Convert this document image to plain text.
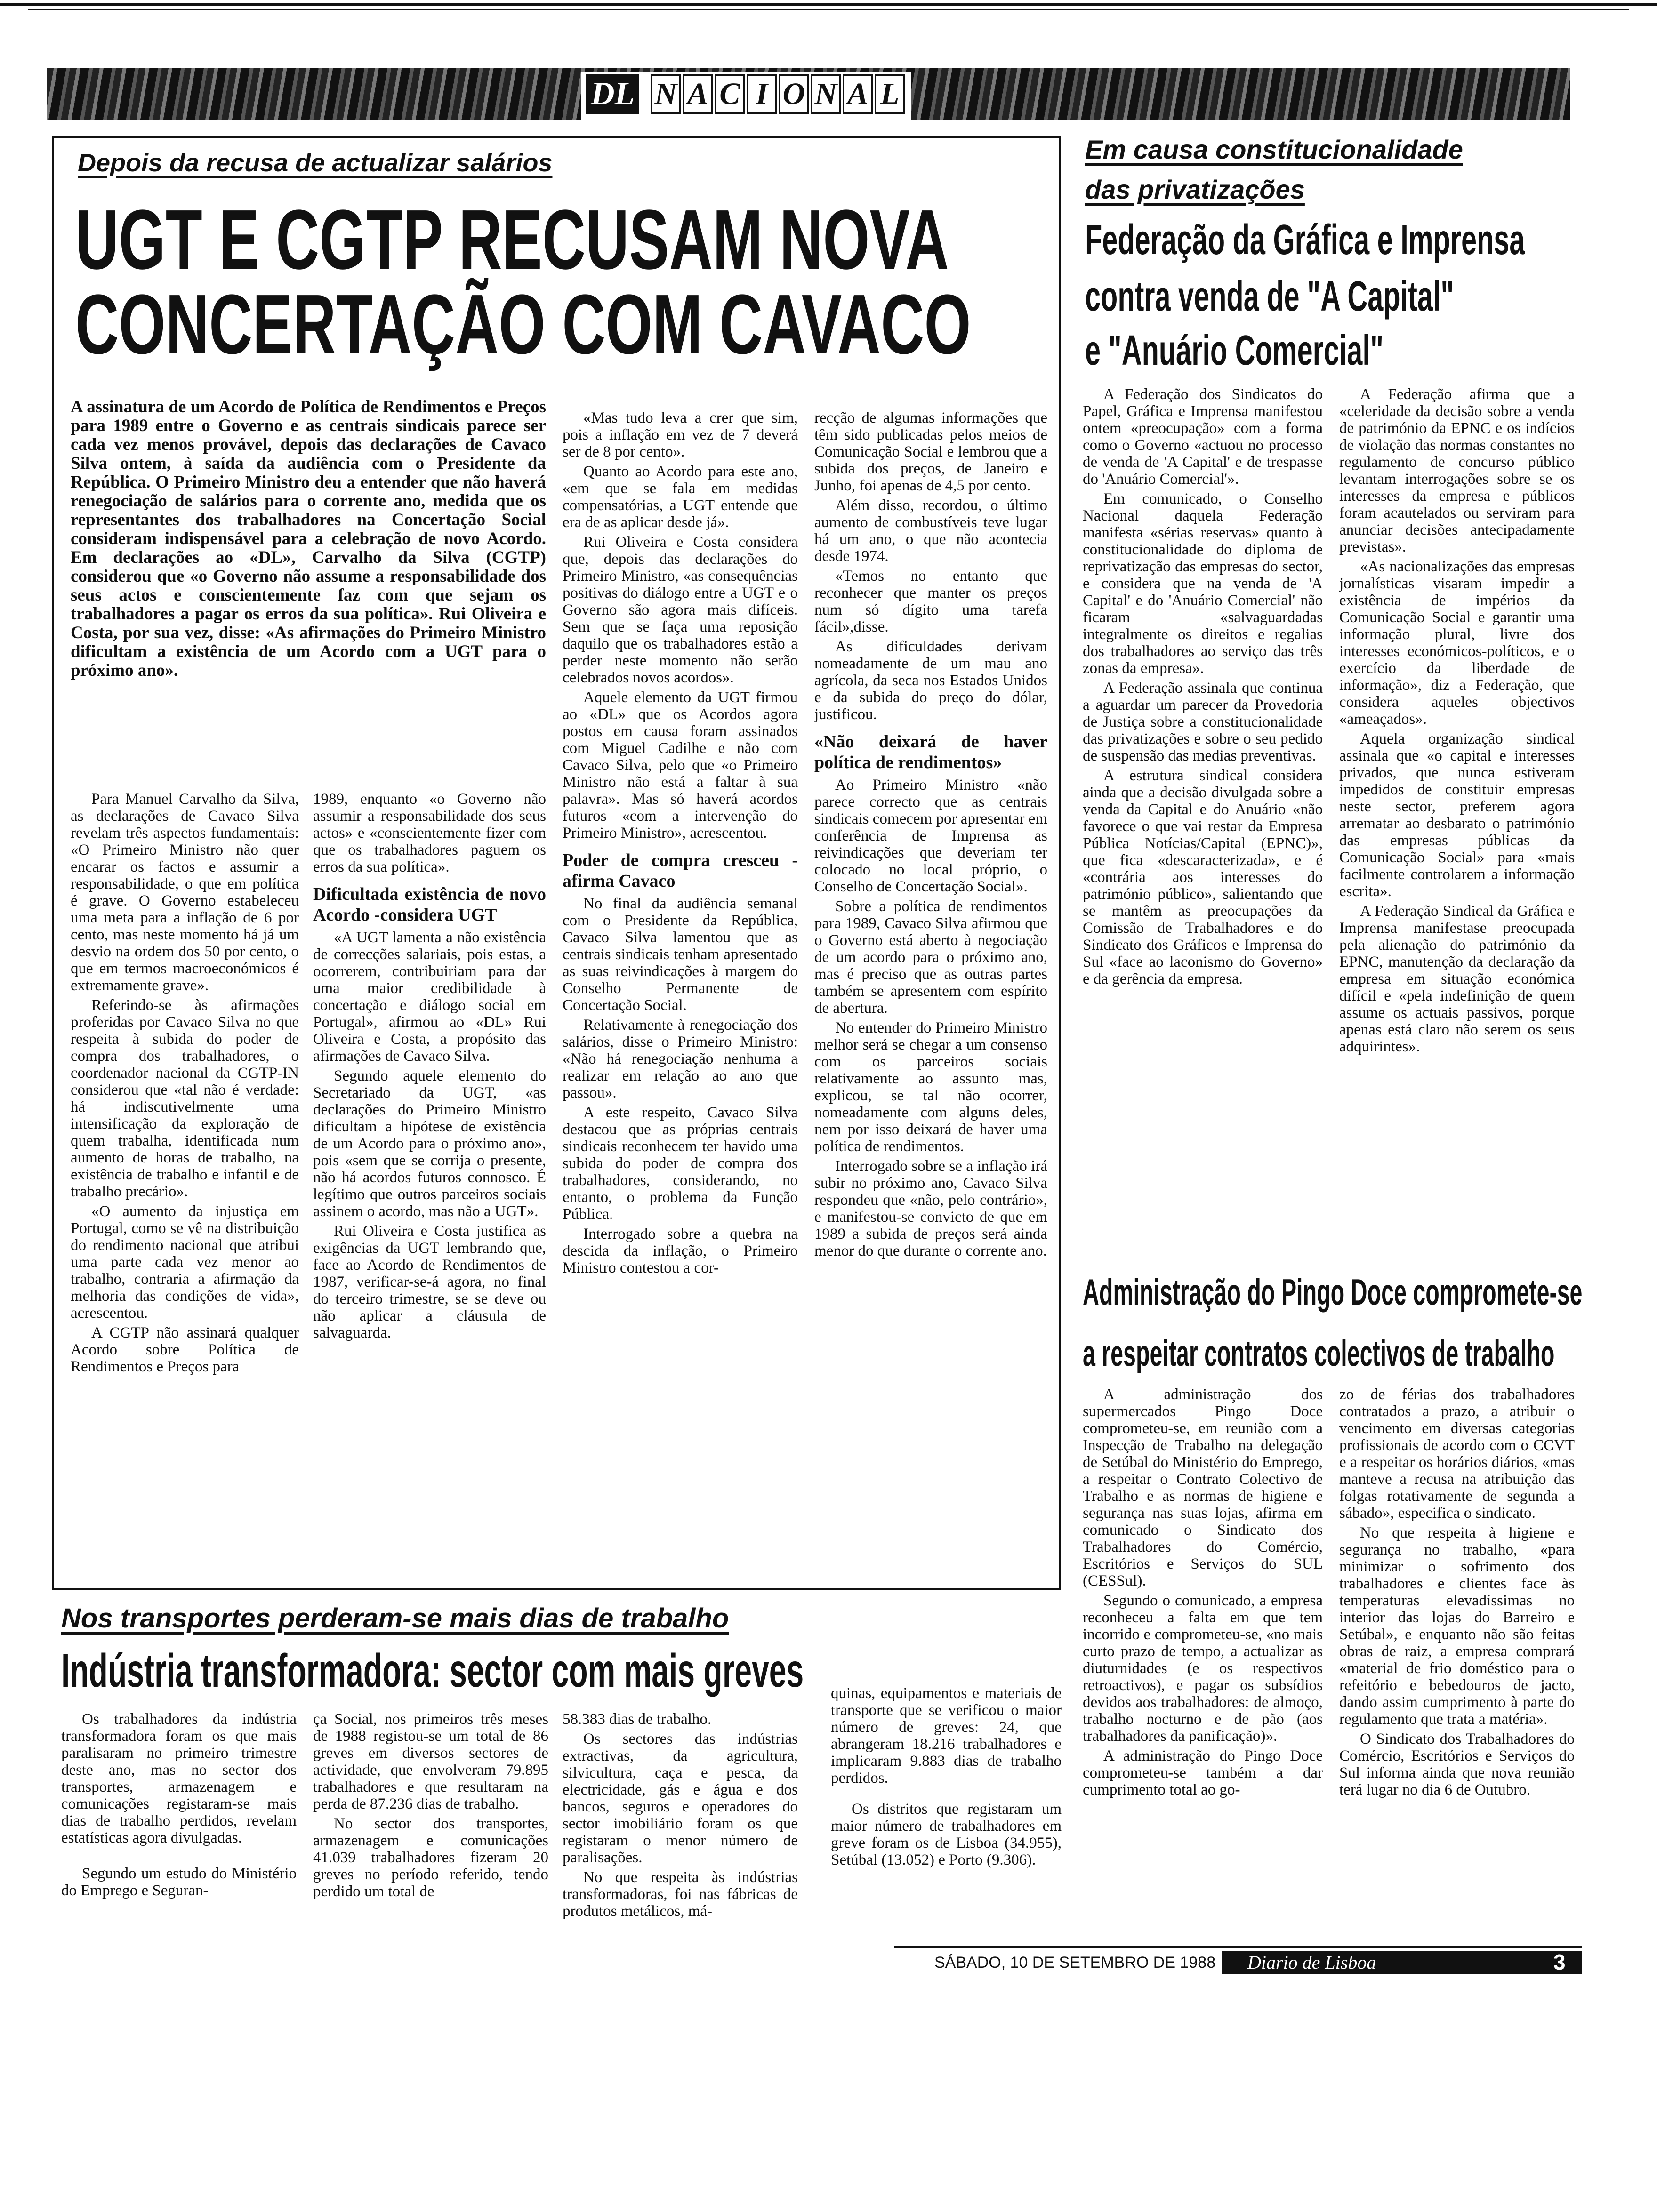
DL N A C I O N A L
Depois da recusa de actualizar salários
UGT E CGTP RECUSAM NOVA
CONCERTAÇÃO COM CAVACO
A assinatura de um Acordo de Política de Rendimentos e Preços para 1989 entre o Governo e as centrais sindicais parece ser cada vez menos provável, depois das declarações de Cavaco Silva ontem, à saída da audiência com o Presidente da República. O Primeiro Ministro deu a entender que não haverá renegociação de salários para o corrente ano, medida que os representantes dos trabalhadores na Concertação Social consideram indispensável para a celebração de novo Acordo. Em declarações ao «DL», Carvalho da Silva (CGTP) considerou que «o Governo não assume a responsabilidade dos seus actos e conscientemente faz com que sejam os trabalhadores a pagar os erros da sua política». Rui Oliveira e Costa, por sua vez, disse: «As afirmações do Primeiro Ministro dificultam a existência de um Acordo com a UGT para o próximo ano».

Para Manuel Carvalho da Silva, as declarações de Cavaco Silva revelam três aspectos fundamentais: «O Primeiro Ministro não quer encarar os factos e assumir a responsabilidade, o que em política é grave. O Governo estabeleceu uma meta para a inflação de 6 por cento, mas neste momento há já um desvio na ordem dos 50 por cento, o que em termos macroeconómicos é extremamente grave».

Referindo-se às afirmações proferidas por Cavaco Silva no que respeita à subida do poder de compra dos trabalhadores, o coordenador nacional da CGTP-IN considerou que «tal não é verdade: há indiscutivelmente uma intensificação da exploração de quem trabalha, identificada num aumento de horas de trabalho, na existência de trabalho e infantil e de trabalho precário».

«O aumento da injustiça em Portugal, como se vê na distribuição do rendimento nacional que atribui uma parte cada vez menor ao trabalho, contraria a afirmação da melhoria das condições de vida», acrescentou.

A CGTP não assinará qualquer Acordo sobre Política de Rendimentos e Preços para

1989, enquanto «o Governo não assumir a responsabilidade dos seus actos» e «conscientemente fizer com que os trabalhadores paguem os erros da sua política».

Dificultada existência de novo Acordo -considera UGT

«A UGT lamenta a não existência de correcções salariais, pois estas, a ocorrerem, contribuiriam para dar uma maior credibilidade à concertação e diálogo social em Portugal», afirmou ao «DL» Rui Oliveira e Costa, a propósito das afirmações de Cavaco Silva.

Segundo aquele elemento do Secretariado da UGT, «as declarações do Primeiro Ministro dificultam a hipótese de existência de um Acordo para o próximo ano», pois «sem que se corrija o presente, não há acordos futuros connosco. É legítimo que outros parceiros sociais assinem o acordo, mas não a UGT».

Rui Oliveira e Costa justifica as exigências da UGT lembrando que, face ao Acordo de Rendimentos de 1987, verificar-se-á agora, no final do terceiro trimestre, se se deve ou não aplicar a cláusula de salvaguarda.

«Mas tudo leva a crer que sim, pois a inflação em vez de 7 deverá ser de 8 por cento».

Quanto ao Acordo para este ano, «em que se fala em medidas compensatórias, a UGT entende que era de as aplicar desde já».

Rui Oliveira e Costa considera que, depois das declarações do Primeiro Ministro, «as consequências positivas do diálogo entre a UGT e o Governo são agora mais difíceis. Sem que se faça uma reposição daquilo que os trabalhadores estão a perder neste momento não serão celebrados novos acordos».

Aquele elemento da UGT firmou ao «DL» que os Acordos agora postos em causa foram assinados com Miguel Cadilhe e não com Cavaco Silva, pelo que «o Primeiro Ministro não está a faltar à sua palavra». Mas só haverá acordos futuros «com a intervenção do Primeiro Ministro», acrescentou.

Poder de compra cresceu - afirma Cavaco

No final da audiência semanal com o Presidente da República, Cavaco Silva lamentou que as centrais sindicais tenham apresentado as suas reivindicações à margem do Conselho Permanente de Concertação Social.

Relativamente à renegociação dos salários, disse o Primeiro Ministro: «Não há renegociação nenhuma a realizar em relação ao ano que passou».

A este respeito, Cavaco Silva destacou que as próprias centrais sindicais reconhecem ter havido uma subida do poder de compra dos trabalhadores, considerando, no entanto, o problema da Função Pública.

Interrogado sobre a quebra na descida da inflação, o Primeiro Ministro contestou a cor-

recção de algumas informações que têm sido publicadas pelos meios de Comunicação Social e lembrou que a subida dos preços, de Janeiro e Junho, foi apenas de 4,5 por cento.

Além disso, recordou, o último aumento de combustíveis teve lugar há um ano, o que não acontecia desde 1974.

«Temos no entanto que reconhecer que manter os preços num só dígito uma tarefa fácil»,disse.

As dificuldades derivam nomeadamente de um mau ano agrícola, da seca nos Estados Unidos e da subida do preço do dólar, justificou.

«Não deixará de haver política de rendimentos»

Ao Primeiro Ministro «não parece correcto que as centrais sindicais comecem por apresentar em conferência de Imprensa as reivindicações que deveriam ter colocado no local próprio, o Conselho de Concertação Social».

Sobre a política de rendimentos para 1989, Cavaco Silva afirmou que o Governo está aberto à negociação de um acordo para o próximo ano, mas é preciso que as outras partes também se apresentem com espírito de abertura.

No entender do Primeiro Ministro melhor será se chegar a um consenso com os parceiros sociais relativamente ao assunto mas, explicou, se tal não ocorrer, nomeadamente com alguns deles, nem por isso deixará de haver uma política de rendimentos.

Interrogado sobre se a inflação irá subir no próximo ano, Cavaco Silva respondeu que «não, pelo contrário», e manifestou-se convicto de que em 1989 a subida de preços será ainda menor do que durante o corrente ano.

Em causa constitucionalidade
das privatizações
Federação da Gráfica e Imprensa
contra venda de "A Capital"
e "Anuário Comercial"

A Federação dos Sindicatos do Papel, Gráfica e Imprensa manifestou ontem «preocupação» com a forma como o Governo «actuou no processo de venda de 'A Capital' e de trespasse do 'Anuário Comercial'».

Em comunicado, o Conselho Nacional daquela Federação manifesta «sérias reservas» quanto à constitucionalidade do diploma de reprivatização das empresas do sector, e considera que na venda de 'A Capital' e do 'Anuário Comercial' não ficaram «salvaguardadas integralmente os direitos e regalias dos trabalhadores ao serviço das três zonas da empresa».

A Federação assinala que continua a aguardar um parecer da Provedoria de Justiça sobre a constitucionalidade das privatizações e sobre o seu pedido de suspensão das medias preventivas.

A estrutura sindical considera ainda que a decisão divulgada sobre a venda da Capital e do Anuário «não favorece o que vai restar da Empresa Pública Notícias/Capital (EPNC)», que fica «descaracterizada», e é «contrária aos interesses do património público», salientando que se mantêm as preocupações da Comissão de Trabalhadores e do Sindicato dos Gráficos e Imprensa do Sul «face ao laconismo do Governo» e da gerência da empresa.

A Federação afirma que a «celeridade da decisão sobre a venda de património da EPNC e os indícios de violação das normas constantes no regulamento de concurso público levantam interrogações sobre se os interesses da empresa e públicos foram acautelados ou serviram para anunciar decisões antecipadamente previstas».

«As nacionalizações das empresas jornalísticas visaram impedir a existência de impérios da Comunicação Social e garantir uma informação plural, livre dos interesses económicos-políticos, e o exercício da liberdade de informação», diz a Federação, que considera aqueles objectivos «ameaçados».

Aquela organização sindical assinala que «o capital e interesses privados, que nunca estiveram impedidos de constituir empresas neste sector, preferem agora arrematar ao desbarato o património das empresas públicas da Comunicação Social» para «mais facilmente controlarem a informação escrita».

A Federação Sindical da Gráfica e Imprensa manifestase preocupada pela alienação do património da EPNC, manutenção da declaração da empresa em situação económica difícil e «pela indefinição de quem assume os actuais passivos, porque apenas está claro não serem os seus adquirintes».

Administração do Pingo Doce compromete-se
a respeitar contratos colectivos de trabalho

A administração dos supermercados Pingo Doce comprometeu-se, em reunião com a Inspecção de Trabalho na delegação de Setúbal do Ministério do Emprego, a respeitar o Contrato Colectivo de Trabalho e as normas de higiene e segurança nas suas lojas, afirma em comunicado o Sindicato dos Trabalhadores do Comércio, Escritórios e Serviços do SUL (CESSul).

Segundo o comunicado, a empresa reconheceu a falta em que tem incorrido e comprometeu-se, «no mais curto prazo de tempo, a actualizar as diuturnidades (e os respectivos retroactivos), e pagar os subsídios devidos aos trabalhadores: de almoço, trabalho nocturno e de pão (aos trabalhadores da panificação)».

A administração do Pingo Doce comprometeu-se também a dar cumprimento total ao go-

zo de férias dos trabalhadores contratados a prazo, a atribuir o vencimento em diversas categorias profissionais de acordo com o CCVT e a respeitar os horários diários, «mas manteve a recusa na atribuição das folgas rotativamente de segunda a sábado», especifica o sindicato.

No que respeita à higiene e segurança no trabalho, «para minimizar o sofrimento dos trabalhadores e clientes face às temperaturas elevadíssimas no interior das lojas do Barreiro e Setúbal», e enquanto não são feitas obras de raiz, a empresa comprará «material de frio doméstico para o refeitório e bebedouros de jacto, dando assim cumprimento à parte do regulamento que trata a matéria».

O Sindicato dos Trabalhadores do Comércio, Escritórios e Serviços do Sul informa ainda que nova reunião terá lugar no dia 6 de Outubro.

Nos transportes perderam-se mais dias de trabalho
Indústria transformadora: sector com mais greves

Os trabalhadores da indústria transformadora foram os que mais paralisaram no primeiro trimestre deste ano, mas no sector dos transportes, armazenagem e comunicações registaram-se mais dias de trabalho perdidos, revelam estatísticas agora divulgadas.

Segundo um estudo do Ministério do Emprego e Seguran-

ça Social, nos primeiros três meses de 1988 registou-se um total de 86 greves em diversos sectores de actividade, que envolveram 79.895 trabalhadores e que resultaram na perda de 87.236 dias de trabalho.

No sector dos transportes, armazenagem e comunicações 41.039 trabalhadores fizeram 20 greves no período referido, tendo perdido um total de

58.383 dias de trabalho.

Os sectores das indústrias extractivas, da agricultura, silvicultura, caça e pesca, da electricidade, gás e água e dos bancos, seguros e operadores do sector imobiliário foram os que registaram o menor número de paralisações.

No que respeita às indústrias transformadoras, foi nas fábricas de produtos metálicos, má-

quinas, equipamentos e materiais de transporte que se verificou o maior número de greves: 24, que abrangeram 18.216 trabalhadores e implicaram 9.883 dias de trabalho perdidos.

Os distritos que registaram um maior número de trabalhadores em greve foram os de Lisboa (34.955), Setúbal (13.052) e Porto (9.306).

SÁBADO, 10 DE SETEMBRO DE 1988 Diario de Lisboa	3
